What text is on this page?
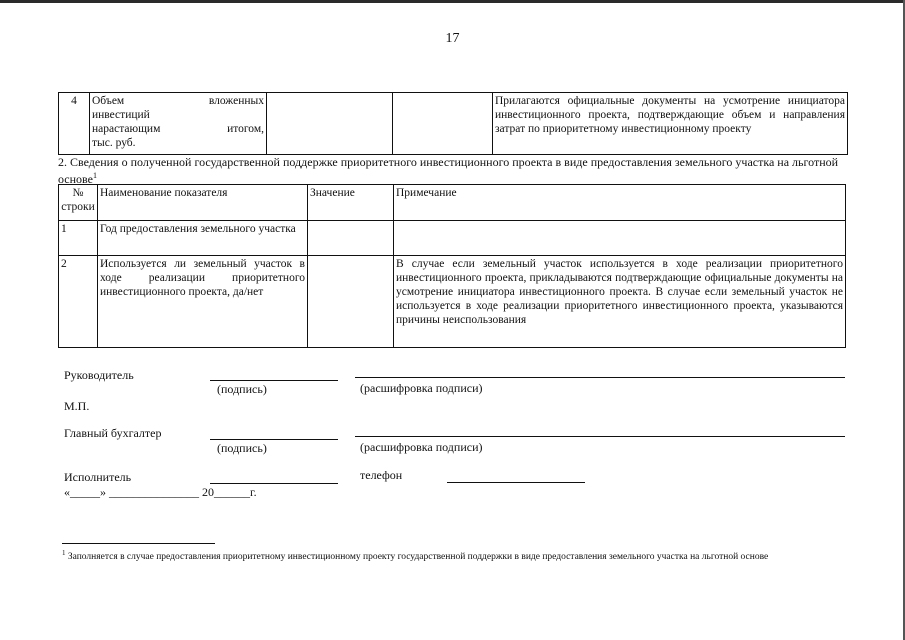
17
4	Объем вложенных
инвестиций
нарастающим итогом,
тыс. руб.
			Прилагаются официальные документы на усмотрение инициатора инвестиционного проекта, подтверждающие объем и направления затрат по приоритетному инвестиционному проекту
2. Сведения о полученной государственной поддержке приоритетного инвестиционного проекта в виде предоставления земельного участка на льготной основе$^1$
№ строки	Наименование показателя	Значение	Примечание
1	Год предоставления земельного участка		
2	Используется ли земельный участок в ходе реализации приоритетного инвестиционного проекта, да/нет		В случае если земельный участок используется в ходе реализации приоритетного инвестиционного проекта, прикладываются подтверждающие официальные документы на усмотрение инициатора инвестиционного проекта. В случае если земельный участок не используется в ходе реализации приоритетного инвестиционного проекта, указываются причины неиспользования
Руководитель
(подпись)	(расшифровка подписи)
М.П.
Главный бухгалтер
(подпись)	(расшифровка подписи)
Исполнитель	телефон
«_____» _______________ 20______г.
$^1$ Заполняется в случае предоставления приоритетному инвестиционному проекту государственной поддержки в виде предоставления земельного участка на льготной основе
